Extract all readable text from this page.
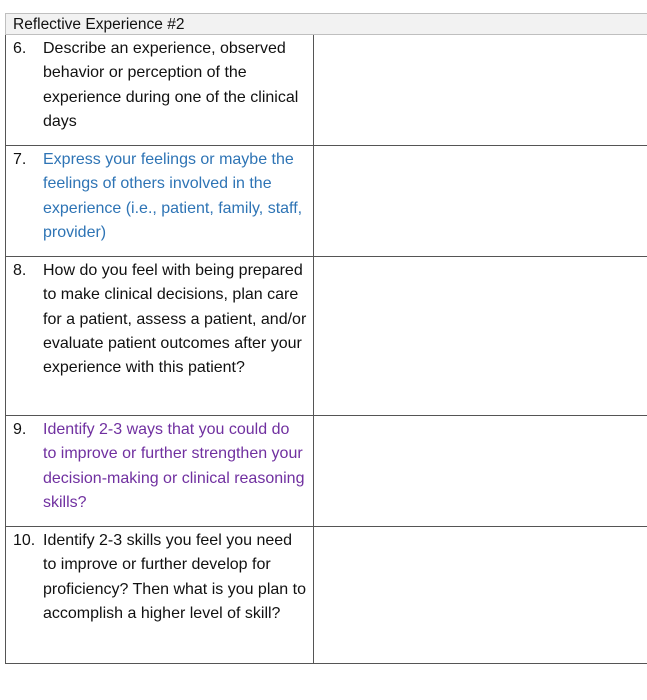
Reflective Experience #2
6. Describe an experience, observed behavior or perception of the experience during one of the clinical days	

7. Express your feelings or maybe the feelings of others involved in the experience (i.e., patient, family, staff, provider)	

8. How do you feel with being prepared to make clinical decisions, plan care for a patient, assess a patient, and/or evaluate patient outcomes after your experience with this patient?	

9. Identify 2-3 ways that you could do to improve or further strengthen your decision-making or clinical reasoning skills?	

10. Identify 2-3 skills you feel you need to improve or further develop for proficiency? Then what is you plan to accomplish a higher level of skill?	
